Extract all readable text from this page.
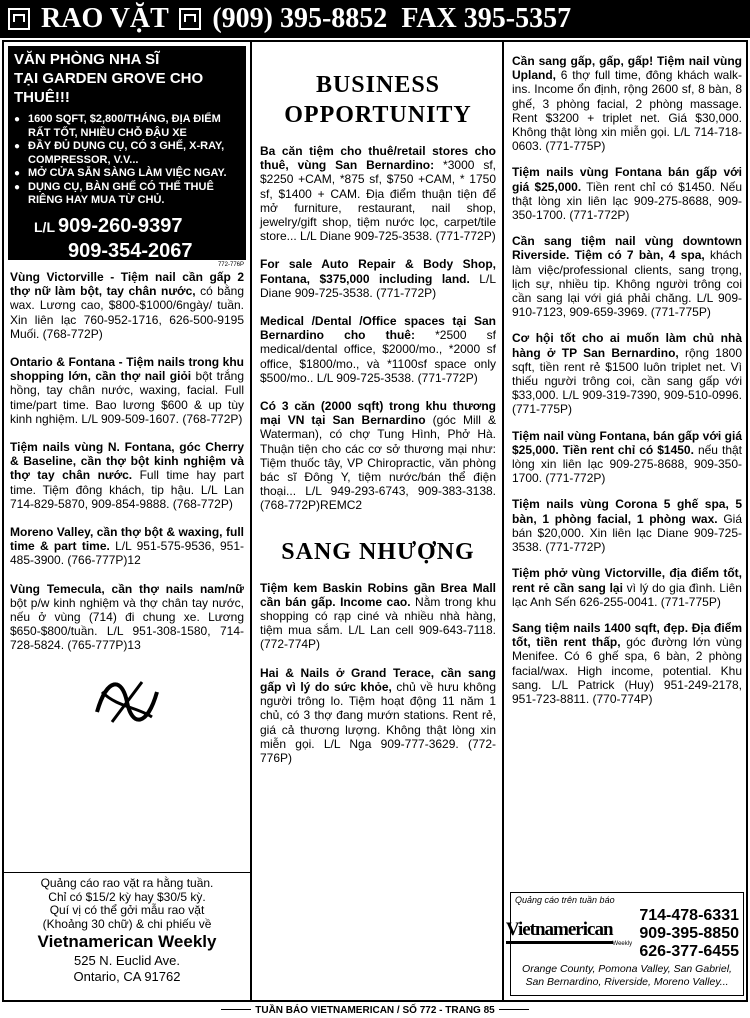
RAO VẶT (909) 395-8852 FAX 395-5357
VĂN PHÒNG NHA SĨ
TẠI GARDEN GROVE CHO THUÊ!!!
● 1600 SQFT, $2,800/THÁNG, ĐỊA ĐIỂM RẤT TỐT, NHIỀU CHỖ ĐẬU XE
● ĐẦY ĐỦ DỤNG CỤ, CÓ 3 GHẾ, X-RAY, COMPRESSOR, V.V...
● MỞ CỬA SẴN SÀNG LÀM VIỆC NGAY.
● DỤNG CỤ, BÀN GHẾ CÓ THỂ THUÊ RIÊNG HAY MUA TỪ CHỦ.
L/L 909-260-9397
909-354-2067
772-776P
Vùng Victorville - Tiệm nail cần gấp 2 thợ nữ làm bột, tay chân nước, có bằng wax. Lương cao, $800-$1000/6ngày/ tuần. Xin liên lạc 760-952-1716, 626-500-9195 Muối. (768-772P)
Ontario & Fontana - Tiệm nails trong khu shopping lớn, cần thợ nail giỏi bột trắng hồng, tay chân nước, waxing, facial. Full time/part time. Bao lương $600 & up tùy kinh nghiệm. L/L 909-509-1607. (768-772P)
Tiệm nails vùng N. Fontana, góc Cherry & Baseline, cần thợ bột kinh nghiệm và thợ tay chân nước. Full time hay part time. Tiệm đông khách, tip hậu. L/L Lan 714-829-5870, 909-854-9888. (768-772P)
Moreno Valley, cần thợ bột & waxing, full time & part time. L/L 951-575-9536, 951-485-3900. (766-777P)12
Vùng Temecula, cần thợ nails nam/nữ bột p/w kinh nghiệm và thợ chân tay nước, nếu ở vùng (714) đi chung xe. Lương $650-$800/tuần. L/L 951-308-1580, 714-728-5824. (765-777P)13
Quảng cáo rao vặt ra hằng tuần.
Chỉ có $15/2 kỳ hay $30/5 kỳ.
Quí vị có thể gởi mẫu rao vặt
(Khoảng 30 chữ) & chi phiếu về
Vietnamerican Weekly
525 N. Euclid Ave.
Ontario, CA 91762
BUSINESS
OPPORTUNITY
Ba căn tiệm cho thuê/retail stores cho thuê, vùng San Bernardino: *3000 sf, $2250 +CAM, *875 sf, $750 +CAM, * 1750 sf, $1400 + CAM. Địa điểm thuận tiện để mở furniture, restaurant, nail shop, jewelry/gift shop, tiệm nước lọc, carpet/tile store... L/L Diane 909-725-3538. (771-772P)
For sale Auto Repair & Body Shop, Fontana, $375,000 including land. L/L Diane 909-725-3538. (771-772P)
Medical /Dental /Office spaces tại San Bernardino cho thuê: *2500 sf medical/dental office, $2000/mo., *2000 sf office, $1800/mo., và *1100sf space only $500/mo.. L/L 909-725-3538. (771-772P)
Có 3 căn (2000 sqft) trong khu thương mại VN tại San Bernardino (góc Mill & Waterman), có chợ Tung Hình, Phở Hà. Thuận tiện cho các cơ sở thương mại như: Tiệm thuốc tây, VP Chiropractic, văn phòng bác sĩ Đông Y, tiệm nước/bán thể điện thoại... L/L 949-293-6743, 909-383-3138. (768-772P)REMC2
SANG NHƯỢNG
Tiệm kem Baskin Robins gần Brea Mall cần bán gấp. Income cao. Nằm trong khu shopping có rạp ciné và nhiều nhà hàng, tiệm mua sắm. L/L Lan cell 909-643-7118. (772-774P)
Hai & Nails ở Grand Terace, cần sang gấp vì lý do sức khỏe, chủ về hưu không người trông lo. Tiệm hoạt động 11 năm 1 chủ, có 3 thợ đang mướn stations. Rent rẻ, giá cả thương lượng. Không thật lòng xin miễn gọi. L/L Nga 909-777-3629. (772-776P)
Cần sang gấp, gấp, gấp! Tiệm nail vùng Upland, 6 thợ full time, đông khách walk-ins. Income ổn định, rộng 2600 sf, 8 bàn, 8 ghế, 3 phòng facial, 2 phòng massage. Rent $3200 + triplet net. Giá $30,000. Không thật lòng xin miễn gọi. L/L 714-718-0603. (771-775P)
Tiệm nails vùng Fontana bán gấp với giá $25,000. Tiền rent chỉ có $1450. Nếu thật lòng xin liên lạc 909-275-8688, 909-350-1700. (771-772P)
Cần sang tiệm nail vùng downtown Riverside. Tiệm có 7 bàn, 4 spa, khách làm việc/professional clients, sang trọng, lịch sự, nhiều tip. Không người trông coi cần sang lại với giá phải chăng. L/L 909-910-7123, 909-659-3969. (771-775P)
Cơ hội tốt cho ai muốn làm chủ nhà hàng ở TP San Bernardino, rộng 1800 sqft, tiền rent rẻ $1500 luôn triplet net. Vì thiếu người trông coi, cần sang gấp với $33,000. L/L 909-319-7390, 909-510-0996. (771-775P)
Tiệm nail vùng Fontana, bán gấp với giá $25,000. Tiền rent chỉ có $1450. nếu thật lòng xin liên lạc 909-275-8688, 909-350-1700. (771-772P)
Tiệm nails vùng Corona 5 ghế spa, 5 bàn, 1 phòng facial, 1 phòng wax. Giá bán $20,000. Xin liên lạc Diane 909-725-3538. (771-772P)
Tiệm phở vùng Victorville, địa điểm tốt, rent rẻ cần sang lại vì lý do gia đình. Liên lạc Anh Sến 626-255-0041. (771-775P)
Sang tiệm nails 1400 sqft, đẹp. Địa điểm tốt, tiền rent thấp, góc đường lớn vùng Menifee. Có 6 ghế spa, 6 bàn, 2 phòng facial/wax. High income, potential. Khu sang. L/L Patrick (Huy) 951-249-2178, 951-723-8811. (770-774P)
Quảng cáo trên tuần báo
Vietnamerican
Weekly
714-478-6331
909-395-8850
626-377-6455
Orange County, Pomona Valley, San Gabriel,
San Bernardino, Riverside, Moreno Valley...
TUẦN BÁO VIETNAMERICAN / SỐ 772 - TRANG 85
